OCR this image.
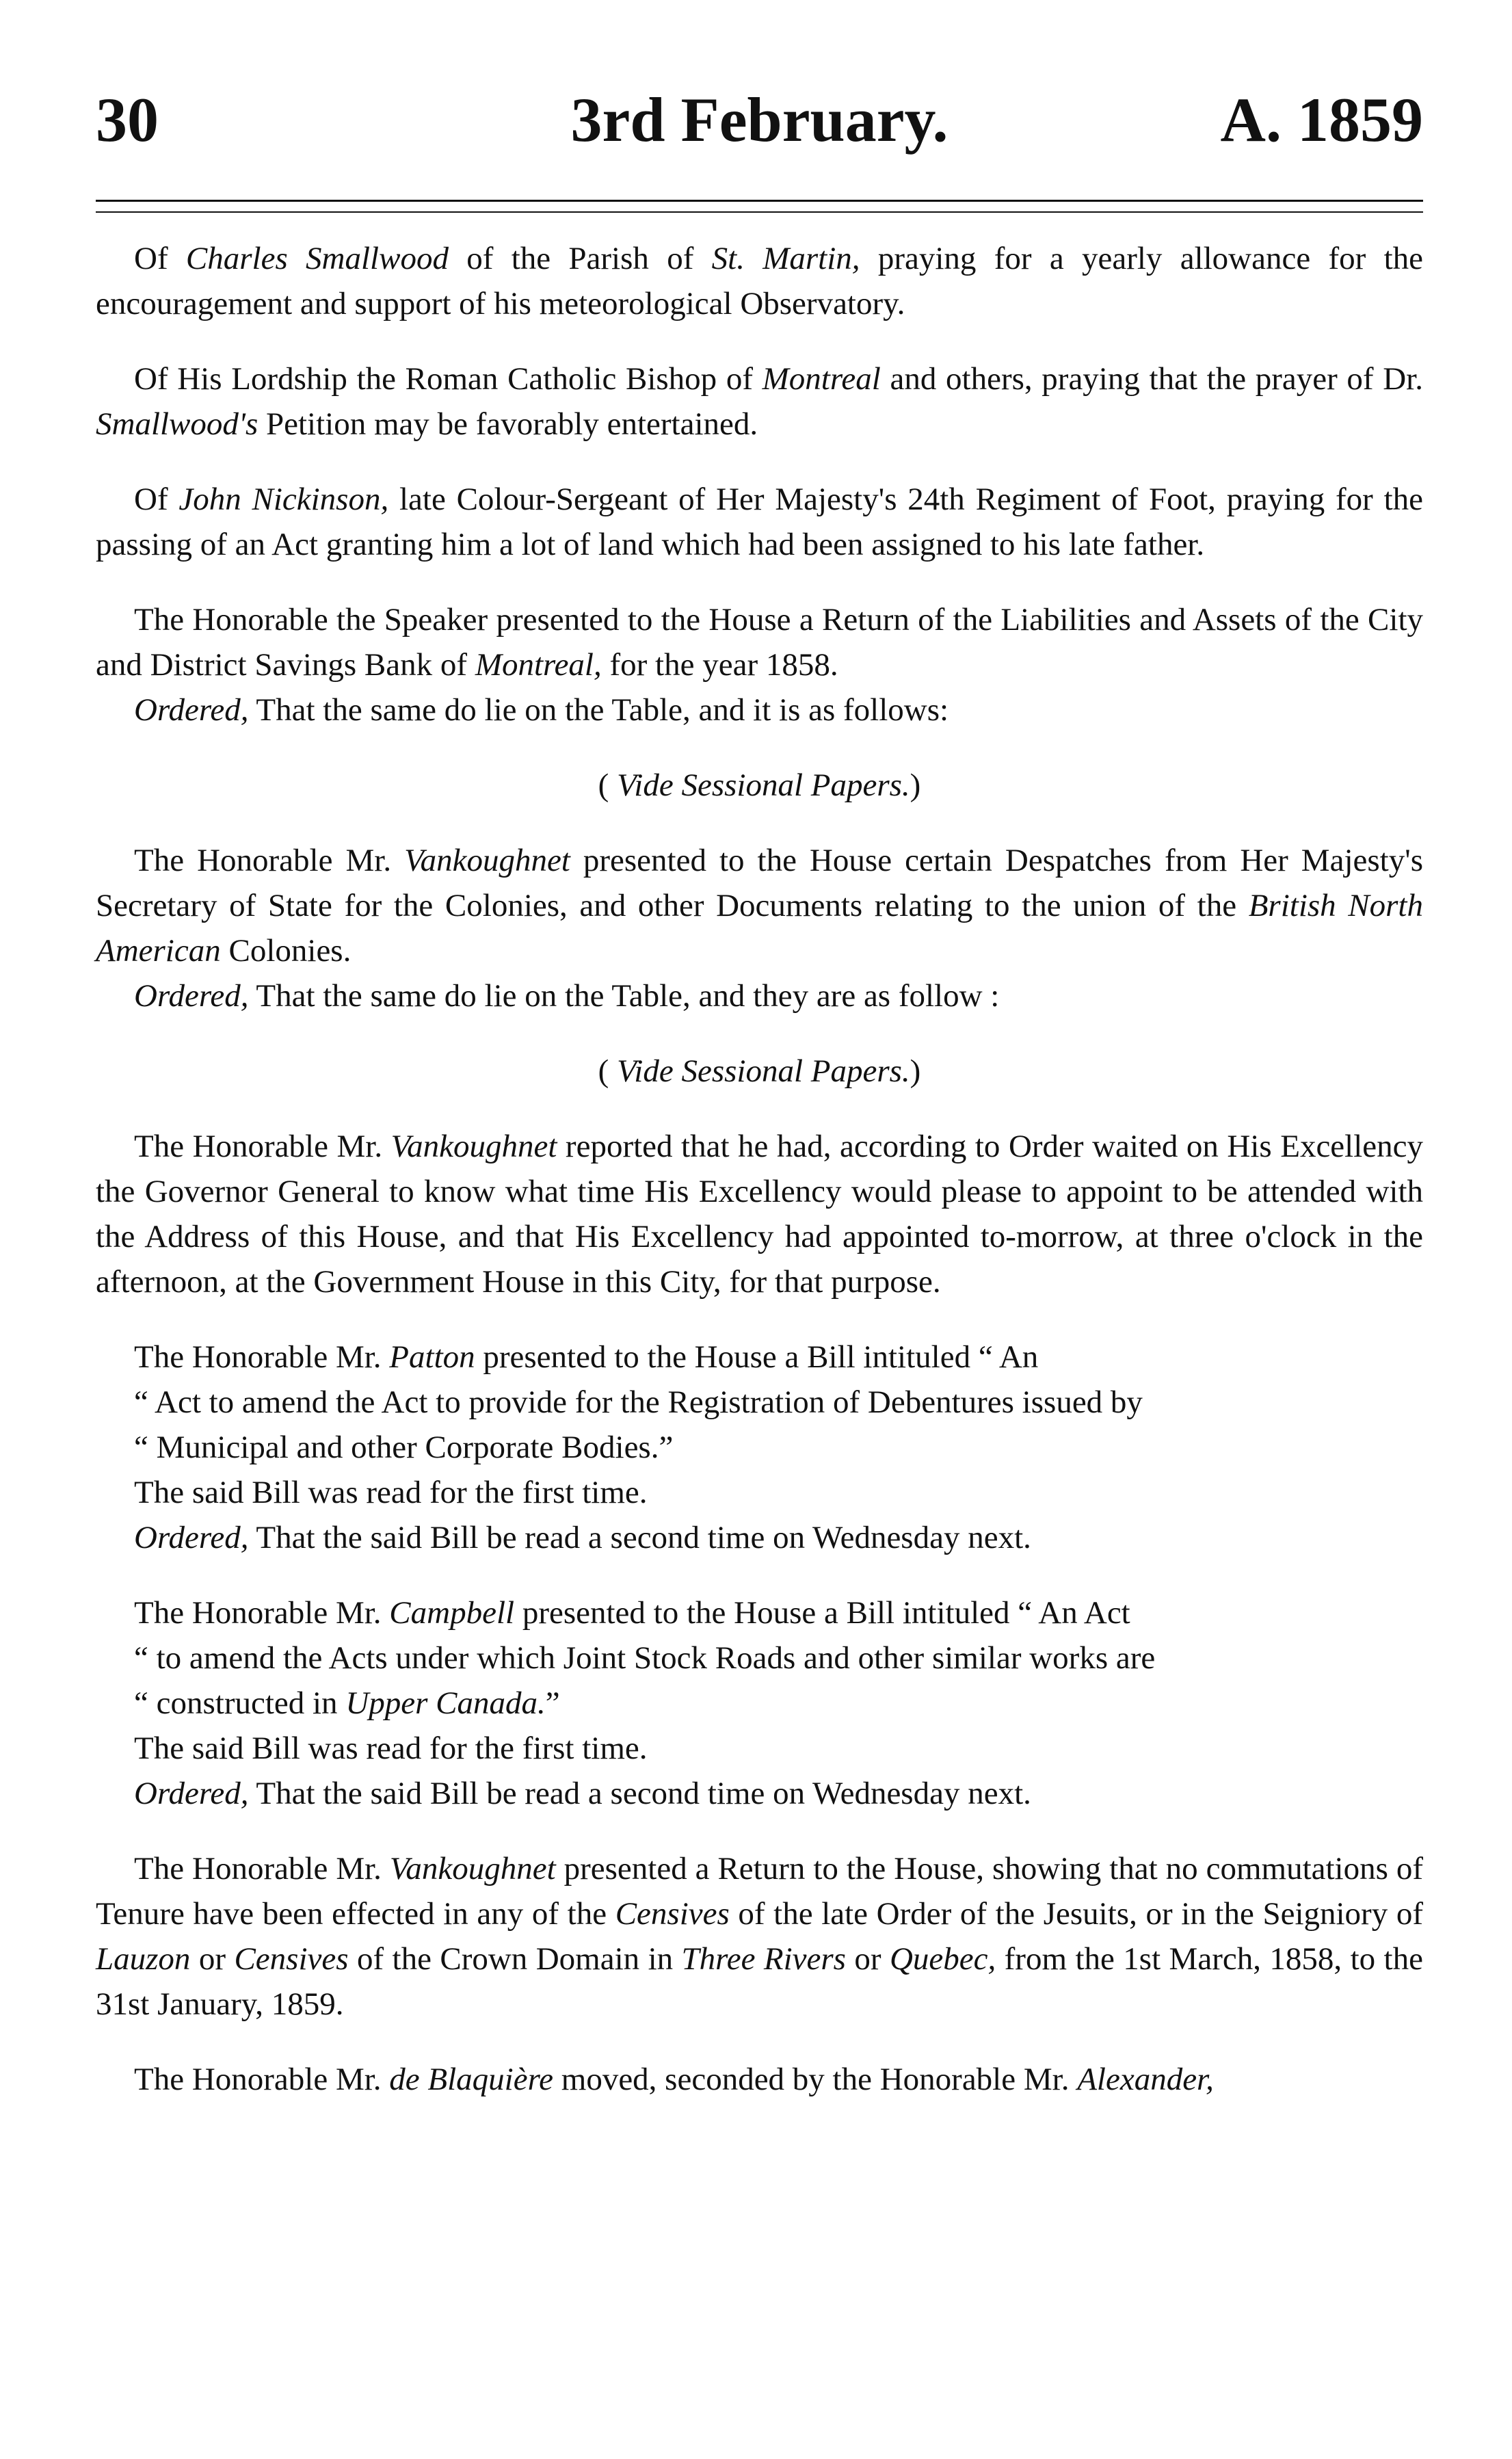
30	3rd February.	A. 1859

Of Charles Smallwood of the Parish of St. Martin, praying for a yearly allowance for the encouragement and support of his meteorological Observatory.

Of His Lordship the Roman Catholic Bishop of Montreal and others, praying that the prayer of Dr. Smallwood's Petition may be favorably entertained.

Of John Nickinson, late Colour-Sergeant of Her Majesty's 24th Regiment of Foot, praying for the passing of an Act granting him a lot of land which had been assigned to his late father.

The Honorable the Speaker presented to the House a Return of the Liabilities and Assets of the City and District Savings Bank of Montreal, for the year 1858.

Ordered, That the same do lie on the Table, and it is as follows:

( Vide Sessional Papers.)

The Honorable Mr. Vankoughnet presented to the House certain Despatches from Her Majesty's Secretary of State for the Colonies, and other Documents relating to the union of the British North American Colonies.

Ordered, That the same do lie on the Table, and they are as follow :

( Vide Sessional Papers.)

The Honorable Mr. Vankoughnet reported that he had, according to Order waited on His Excellency the Governor General to know what time His Excellency would please to appoint to be attended with the Address of this House, and that His Excellency had appointed to-morrow, at three o'clock in the afternoon, at the Government House in this City, for that purpose.

The Honorable Mr. Patton presented to the House a Bill intituled “ An

“ Act to amend the Act to provide for the Registration of Debentures issued by

“ Municipal and other Corporate Bodies.”

The said Bill was read for the first time.

Ordered, That the said Bill be read a second time on Wednesday next.

The Honorable Mr. Campbell presented to the House a Bill intituled “ An Act

“ to amend the Acts under which Joint Stock Roads and other similar works are

“ constructed in Upper Canada.”

The said Bill was read for the first time.

Ordered, That the said Bill be read a second time on Wednesday next.

The Honorable Mr. Vankoughnet presented a Return to the House, showing that no commutations of Tenure have been effected in any of the Censives of the late Order of the Jesuits, or in the Seigniory of Lauzon or Censives of the Crown Domain in Three Rivers or Quebec, from the 1st March, 1858, to the 31st January, 1859.

The Honorable Mr. de Blaquière moved, seconded by the Honorable Mr. Alexander,
